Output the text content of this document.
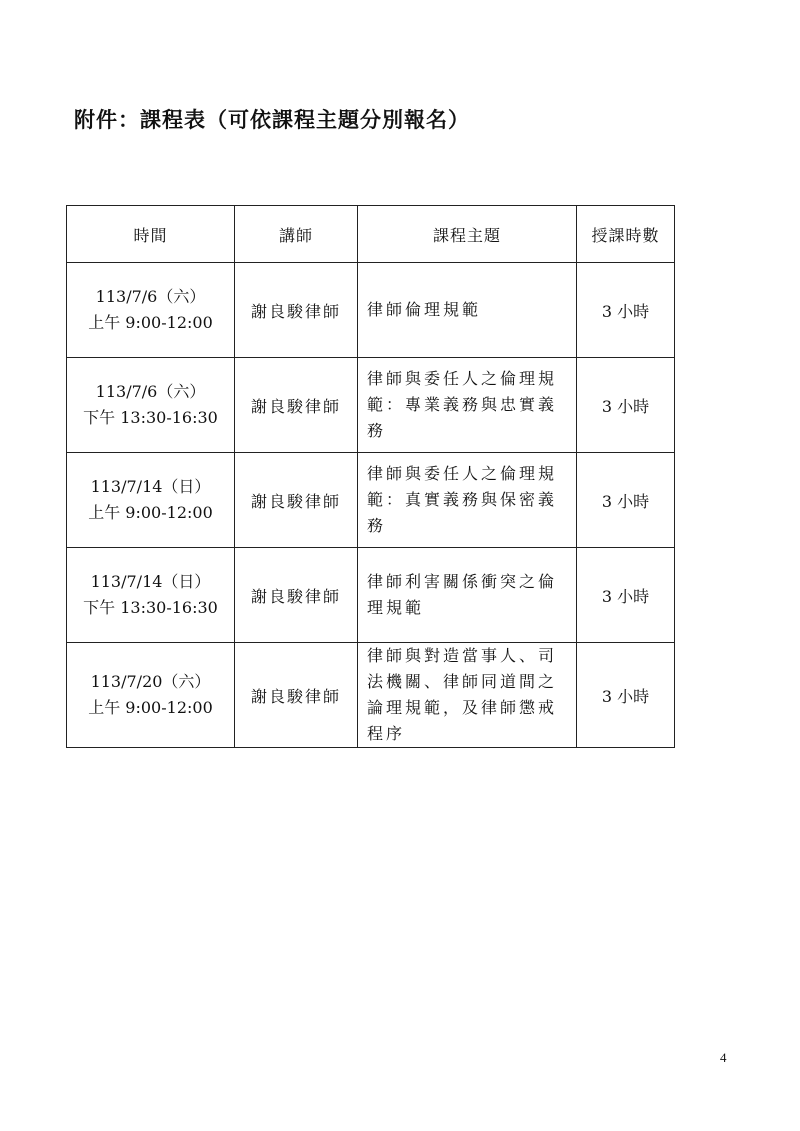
附件：課程表（可依課程主題分別報名）
時間	講師	課程主題	授課時數

113/7/6（六）
上午 9:00-12:00	謝良駿律師	律師倫理規範	3 小時

113/7/6（六）
下午 13:30-16:30	謝良駿律師	律師與委任人之倫理規範：專業義務與忠實義務	3 小時

113/7/14（日）
上午 9:00-12:00	謝良駿律師	律師與委任人之倫理規範：真實義務與保密義務	3 小時

113/7/14（日）
下午 13:30-16:30	謝良駿律師	律師利害關係衝突之倫理規範	3 小時

113/7/20（六）
上午 9:00-12:00	謝良駿律師	律師與對造當事人、司法機關、律師同道間之論理規範，及律師懲戒程序	3 小時
4
